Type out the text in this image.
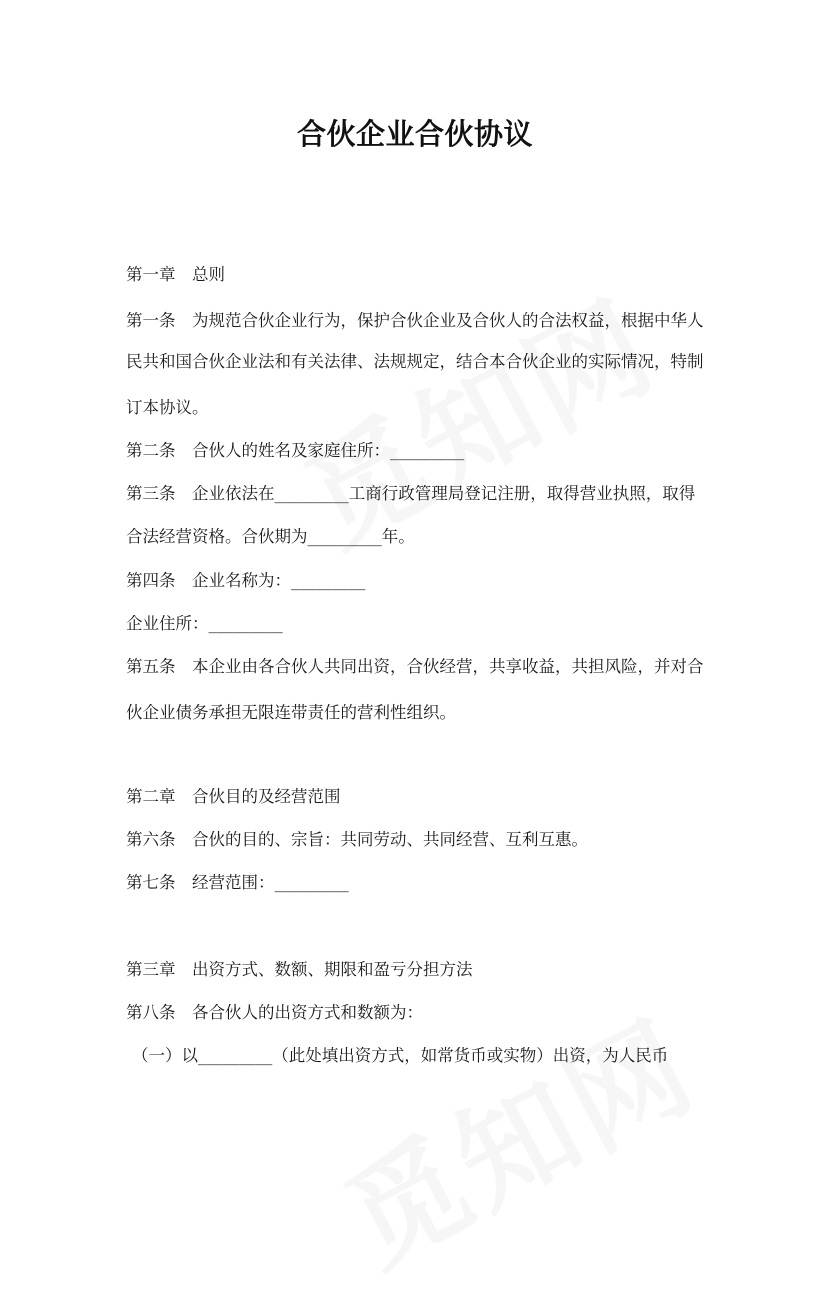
合伙企业合伙协议
第一章　总则
第一条　为规范合伙企业行为，保护合伙企业及合伙人的合法权益，根据中华人
民共和国合伙企业法和有关法律、法规规定，结合本合伙企业的实际情况，特制
订本协议。
第二条　合伙人的姓名及家庭住所：_________
第三条　企业依法在_________工商行政管理局登记注册，取得营业执照，取得
合法经营资格。合伙期为_________年。
第四条　企业名称为：_________
企业住所：_________
第五条　本企业由各合伙人共同出资，合伙经营，共享收益，共担风险，并对合
伙企业债务承担无限连带责任的营利性组织。
第二章　合伙目的及经营范围
第六条　合伙的目的、宗旨：共同劳动、共同经营、互利互惠。
第七条　经营范围：_________
第三章　出资方式、数额、期限和盈亏分担方法
第八条　各合伙人的出资方式和数额为：
（一）以_________（此处填出资方式，如常货币或实物）出资，为人民币
